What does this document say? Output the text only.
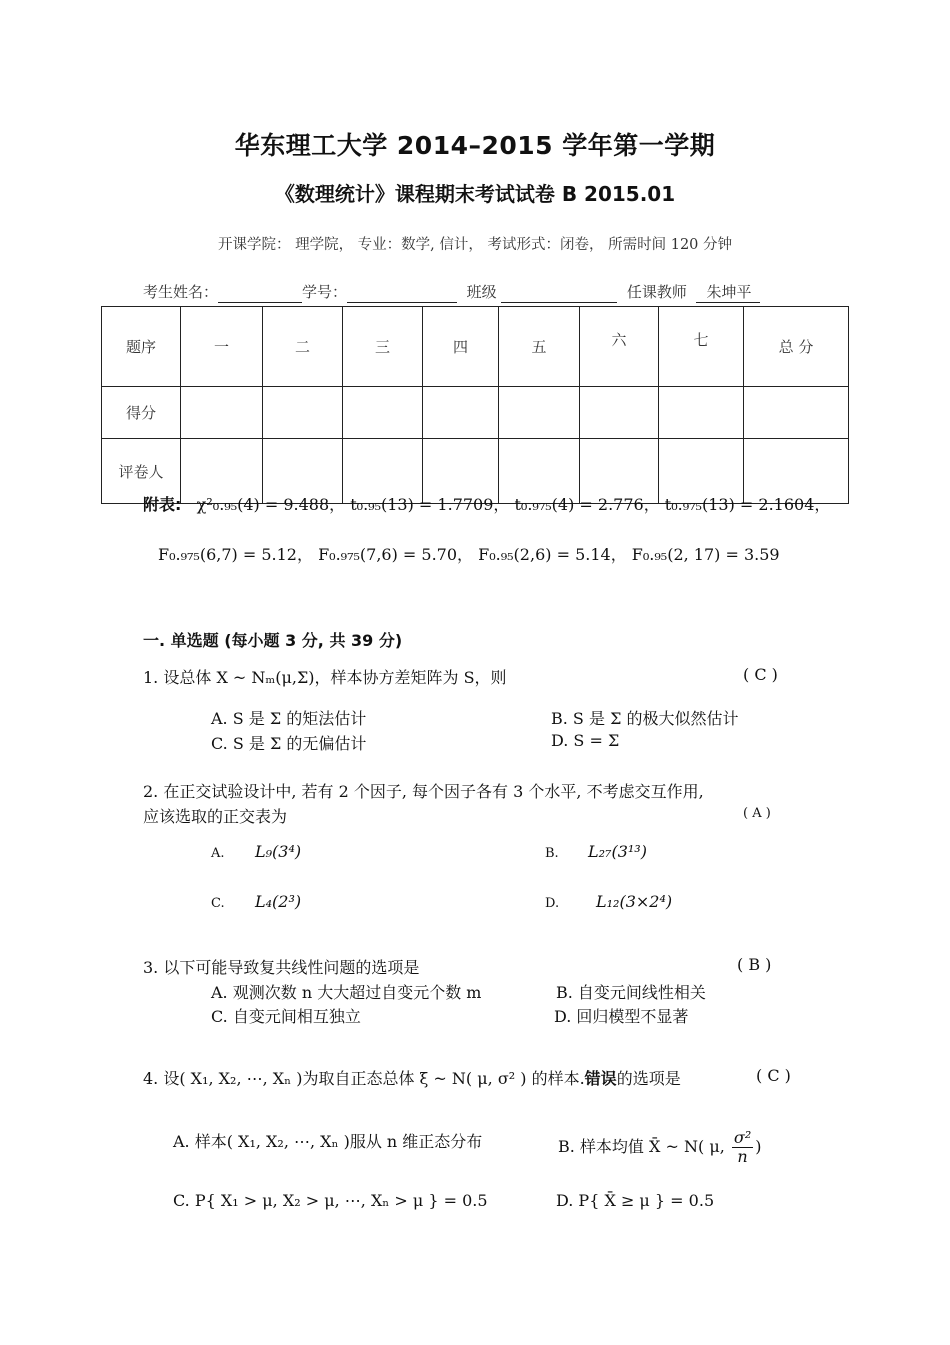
华东理工大学 2014–2015 学年第一学期
《数理统计》课程期末考试试卷 B 2015.01
开课学院： 理学院， 专业：数学, 信计， 考试形式：闭卷， 所需时间 120 分钟
考生姓名：	学号：	班级	任课教师 朱坤平
题序	一	二	三	四	五	六	七	总 分
得分								
评卷人								
附表: χ²₀.₉₅(4) = 9.488， t₀.₉₅(13) = 1.7709， t₀.₉₇₅(4) = 2.776， t₀.₉₇₅(13) = 2.1604，
F₀.₉₇₅(6,7) = 5.12， F₀.₉₇₅(7,6) = 5.70， F₀.₉₅(2,6) = 5.14， F₀.₉₅(2, 17) = 3.59
一. 单选题 (每小题 3 分, 共 39 分)
1. 设总体 X ~ Nₘ(μ,Σ)，样本协方差矩阵为 S，则	( C )
A. S 是 Σ 的矩法估计	B. S 是 Σ 的极大似然估计
C. S 是 Σ 的无偏估计	D. S = Σ
2. 在正交试验设计中, 若有 2 个因子, 每个因子各有 3 个水平, 不考虑交互作用,
应该选取的正交表为	( A )
A. L₉(3⁴)	B. L₂₇(3¹³)
C. L₄(2³)	D. L₁₂(3×2⁴)
3. 以下可能导致复共线性问题的选项是	( B )
A. 观测次数 n 大大超过自变元个数 m	B. 自变元间线性相关
C. 自变元间相互独立	D. 回归模型不显著
4. 设( X₁, X₂, ⋯, Xₙ )为取自正态总体 ξ ~ N( μ, σ² ) 的样本.错误的选项是	( C )
A. 样本( X₁, X₂, ⋯, Xₙ )服从 n 维正态分布	B. 样本均值 X̄ ~ N( μ, $\frac{\text{σ²}}{n}$ )
C. P{ X₁ > μ, X₂ > μ, ⋯, Xₙ > μ } = 0.5	D. P{ X̄ ≥ μ } = 0.5
